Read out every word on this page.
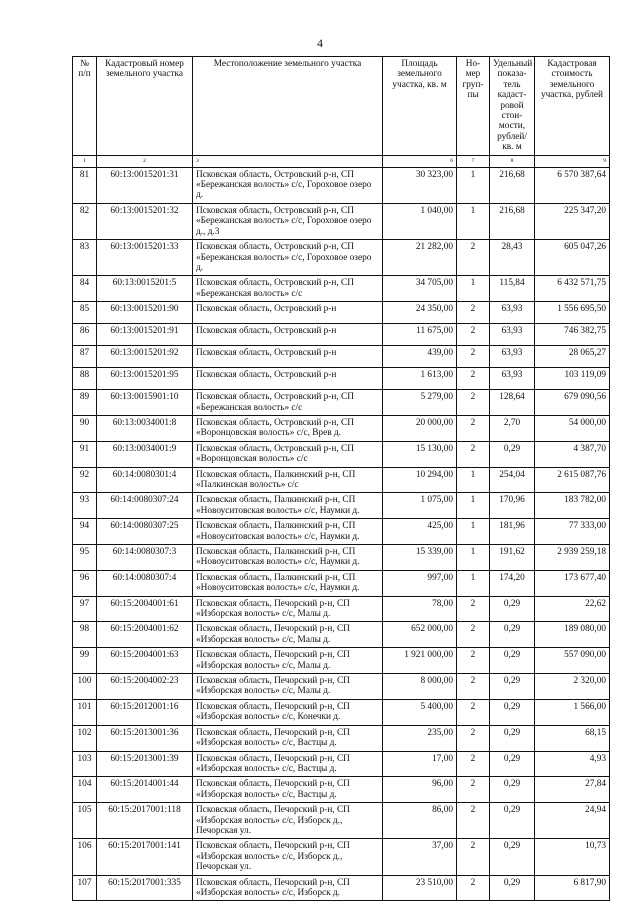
4
№ п/п	Кадастровый номер земельного участка	Местоположение земельного участка	Площадь земельного участка, кв. м	Но-мер груп-пы	Удельный показа-тель кадаст-ровой стои-мости, рублей/ кв. м	Кадастровая стоимость земельного участка, рублей
1	2	3	6	7	8	9
81	60:13:0015201:31	Псковская область, Островский р-н, СП «Бережанская волость» с/с, Гороховое озеро д.	30 323,00	1	216,68	6 570 387,64
82	60:13:0015201:32	Псковская область, Островский р-н, СП «Бережанская волость» с/с, Гороховое озеро д., д.3	1 040,00	1	216,68	225 347,20
83	60:13:0015201:33	Псковская область, Островский р-н, СП «Бережанская волость» с/с, Гороховое озеро д.	21 282,00	2	28,43	605 047,26
84	60:13:0015201:5	Псковская область, Островский р-н, СП «Бережанская волость» с/с	34 705,00	1	115,84	6 432 571,75
85	60:13:0015201:90	Псковская область, Островский р-н	24 350,00	2	63,93	1 556 695,50
86	60:13:0015201:91	Псковская область, Островский р-н	11 675,00	2	63,93	746 382,75
87	60:13:0015201:92	Псковская область, Островский р-н	439,00	2	63,93	28 065,27
88	60:13:0015201:95	Псковская область, Островский р-н	1 613,00	2	63,93	103 119,09
89	60:13:0015901:10	Псковская область, Островский р-н, СП «Бережанская волость» с/с	5 279,00	2	128,64	679 090,56
90	60:13:0034001:8	Псковская область, Островский р-н, СП «Воронцовская волость» с/с, Врев д.	20 000,00	2	2,70	54 000,00
91	60:13:0034001:9	Псковская область, Островский р-н, СП «Воронцовская волость» с/с	15 130,00	2	0,29	4 387,70
92	60:14:0080301:4	Псковская область, Палкинский р-н, СП «Палкинская волость» с/с	10 294,00	1	254,04	2 615 087,76
93	60:14:0080307:24	Псковская область, Палкинский р-н, СП «Новоуситовская волость» с/с, Наумки д.	1 075,00	1	170,96	183 782,00
94	60:14:0080307:25	Псковская область, Палкинский р-н, СП «Новоуситовская волость» с/с, Наумки д.	425,00	1	181,96	77 333,00
95	60:14:0080307:3	Псковская область, Палкинский р-н, СП «Новоуситовская волость» с/с, Наумки д.	15 339,00	1	191,62	2 939 259,18
96	60:14:0080307:4	Псковская область, Палкинский р-н, СП «Новоуситовская волость» с/с, Наумки д.	997,00	1	174,20	173 677,40
97	60:15:2004001:61	Псковская область, Печорский р-н, СП «Изборская волость» с/с, Малы д.	78,00	2	0,29	22,62
98	60:15:2004001:62	Псковская область, Печорский р-н, СП «Изборская волость» с/с, Малы д.	652 000,00	2	0,29	189 080,00
99	60:15:2004001:63	Псковская область, Печорский р-н, СП «Изборская волость» с/с, Малы д.	1 921 000,00	2	0,29	557 090,00
100	60:15:2004002:23	Псковская область, Печорский р-н, СП «Изборская волость» с/с, Малы д.	8 000,00	2	0,29	2 320,00
101	60:15:2012001:16	Псковская область, Печорский р-н, СП «Изборская волость» с/с, Конечки д.	5 400,00	2	0,29	1 566,00
102	60:15:2013001:36	Псковская область, Печорский р-н, СП «Изборская волость» с/с, Вастцы д.	235,00	2	0,29	68,15
103	60:15:2013001:39	Псковская область, Печорский р-н, СП «Изборская волость» с/с, Вастцы д.	17,00	2	0,29	4,93
104	60:15:2014001:44	Псковская область, Печорский р-н, СП «Изборская волость» с/с, Вастцы д.	96,00	2	0,29	27,84
105	60:15:2017001:118	Псковская область, Печорский р-н, СП «Изборская волость» с/с, Изборск д., Печорская ул.	86,00	2	0,29	24,94
106	60:15:2017001:141	Псковская область, Печорский р-н, СП «Изборская волость» с/с, Изборск д., Печорская ул.	37,00	2	0,29	10,73
107	60:15:2017001:335	Псковская область, Печорский р-н, СП «Изборская волость» с/с, Изборск д.	23 510,00	2	0,29	6 817,90
